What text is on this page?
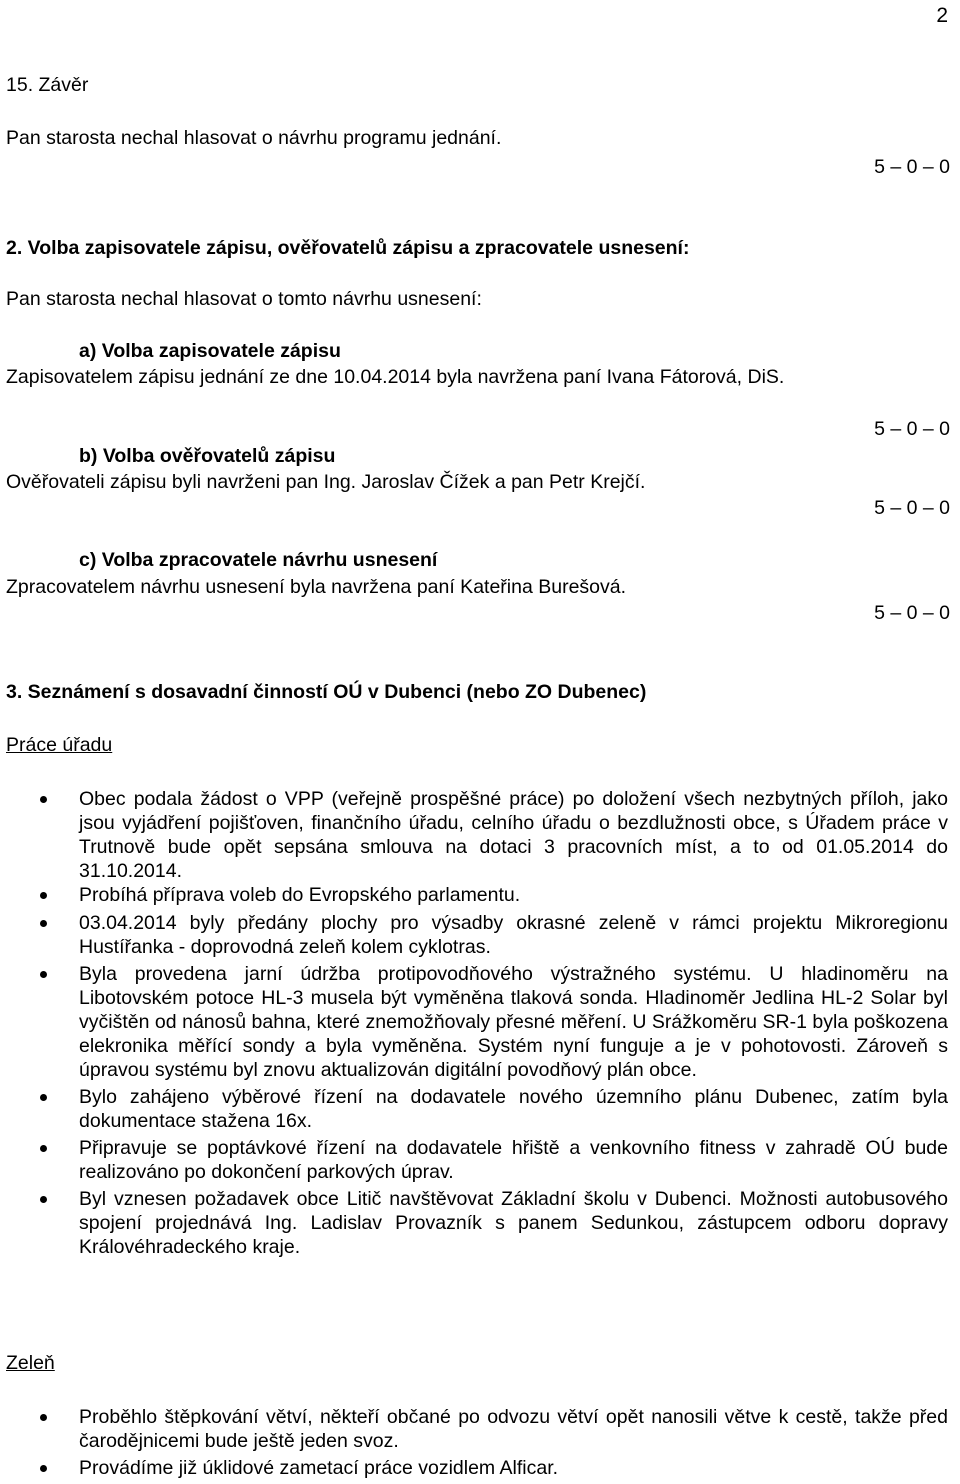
2
15. Závěr
Pan starosta nechal hlasovat o návrhu programu jednání.
5 – 0 – 0
2. Volba zapisovatele zápisu, ověřovatelů zápisu a zpracovatele usnesení:
Pan starosta nechal hlasovat o tomto návrhu usnesení:
a) Volba zapisovatele zápisu
Zapisovatelem zápisu jednání ze dne 10.04.2014 byla navržena paní Ivana Fátorová, DiS.
5 – 0 – 0
b) Volba ověřovatelů zápisu
Ověřovateli zápisu byli navrženi pan Ing. Jaroslav Čížek a pan Petr Krejčí.
5 – 0 – 0
c) Volba zpracovatele návrhu usnesení
Zpracovatelem návrhu usnesení byla navržena paní Kateřina Burešová.
5 – 0 – 0
3. Seznámení s dosavadní činností OÚ v Dubenci (nebo ZO Dubenec)
Práce úřadu
Obec podala žádost o VPP (veřejně prospěšné práce) po doložení všech nezbytných příloh, jako jsou vyjádření pojišťoven, finančního úřadu, celního úřadu o bezdlužnosti obce, s Úřadem práce v Trutnově bude opět sepsána smlouva na dotaci 3 pracovních míst, a to od 01.05.2014 do 31.10.2014.
Probíhá příprava voleb do Evropského parlamentu.
03.04.2014 byly předány plochy pro výsadby okrasné zeleně v rámci projektu Mikroregionu Hustířanka - doprovodná zeleň kolem cyklotras.
Byla provedena jarní údržba protipovodňového výstražného systému. U hladinoměru na Libotovském potoce HL-3 musela být vyměněna tlaková sonda. Hladinoměr Jedlina HL-2 Solar byl vyčištěn od nánosů bahna, které znemožňovaly přesné měření. U Srážkoměru SR-1 byla poškozena elekronika měřící sondy a byla vyměněna. Systém nyní funguje a je v pohotovosti. Zároveň s úpravou systému byl znovu aktualizován digitální povodňový plán obce.
Bylo zahájeno výběrové řízení na dodavatele nového územního plánu Dubenec, zatím byla dokumentace stažena 16x.
Připravuje se poptávkové řízení na dodavatele hřiště a venkovního fitness v zahradě OÚ bude realizováno po dokončení parkových úprav.
Byl vznesen požadavek obce Litič navštěvovat Základní školu v Dubenci. Možnosti autobusového spojení projednává Ing. Ladislav Provazník s panem Sedunkou, zástupcem odboru dopravy Královéhradeckého kraje.
Zeleň
Proběhlo štěpkování větví, někteří občané po odvozu větví opět nanosili větve k cestě, takže před čarodějnicemi bude ještě jeden svoz.
Provádíme již úklidové zametací práce vozidlem Alficar.
